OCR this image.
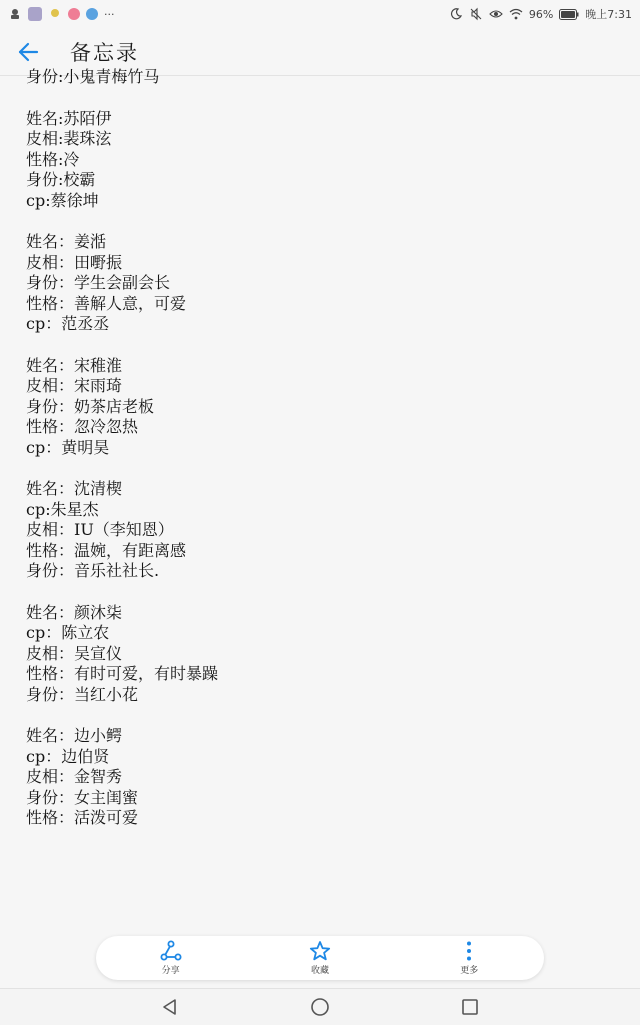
···	96%	晚上7:31
备忘录
身份:小鬼青梅竹马
姓名:苏陌伊
皮相:裴珠泫
性格:冷
身份:校霸
cp:蔡徐坤
姓名：姜湉
皮相：田嘢振
身份：学生会副会长
性格：善解人意，可爱
cp：范丞丞
姓名：宋稚淮
皮相：宋雨琦
身份：奶茶店老板
性格：忽冷忽热
cp：黄明昊
姓名：沈清楔
cp:朱星杰
皮相：IU（李知恩）
性格：温婉，有距离感
身份：音乐社社长.
姓名：颜沐柒
cp：陈立农
皮相：吴宣仪
性格：有时可爱，有时暴躁
身份：当红小花
姓名：边小鳄
cp：边伯贤
皮相：金智秀
身份：女主闺蜜
性格：活泼可爱
分享	收藏	更多
